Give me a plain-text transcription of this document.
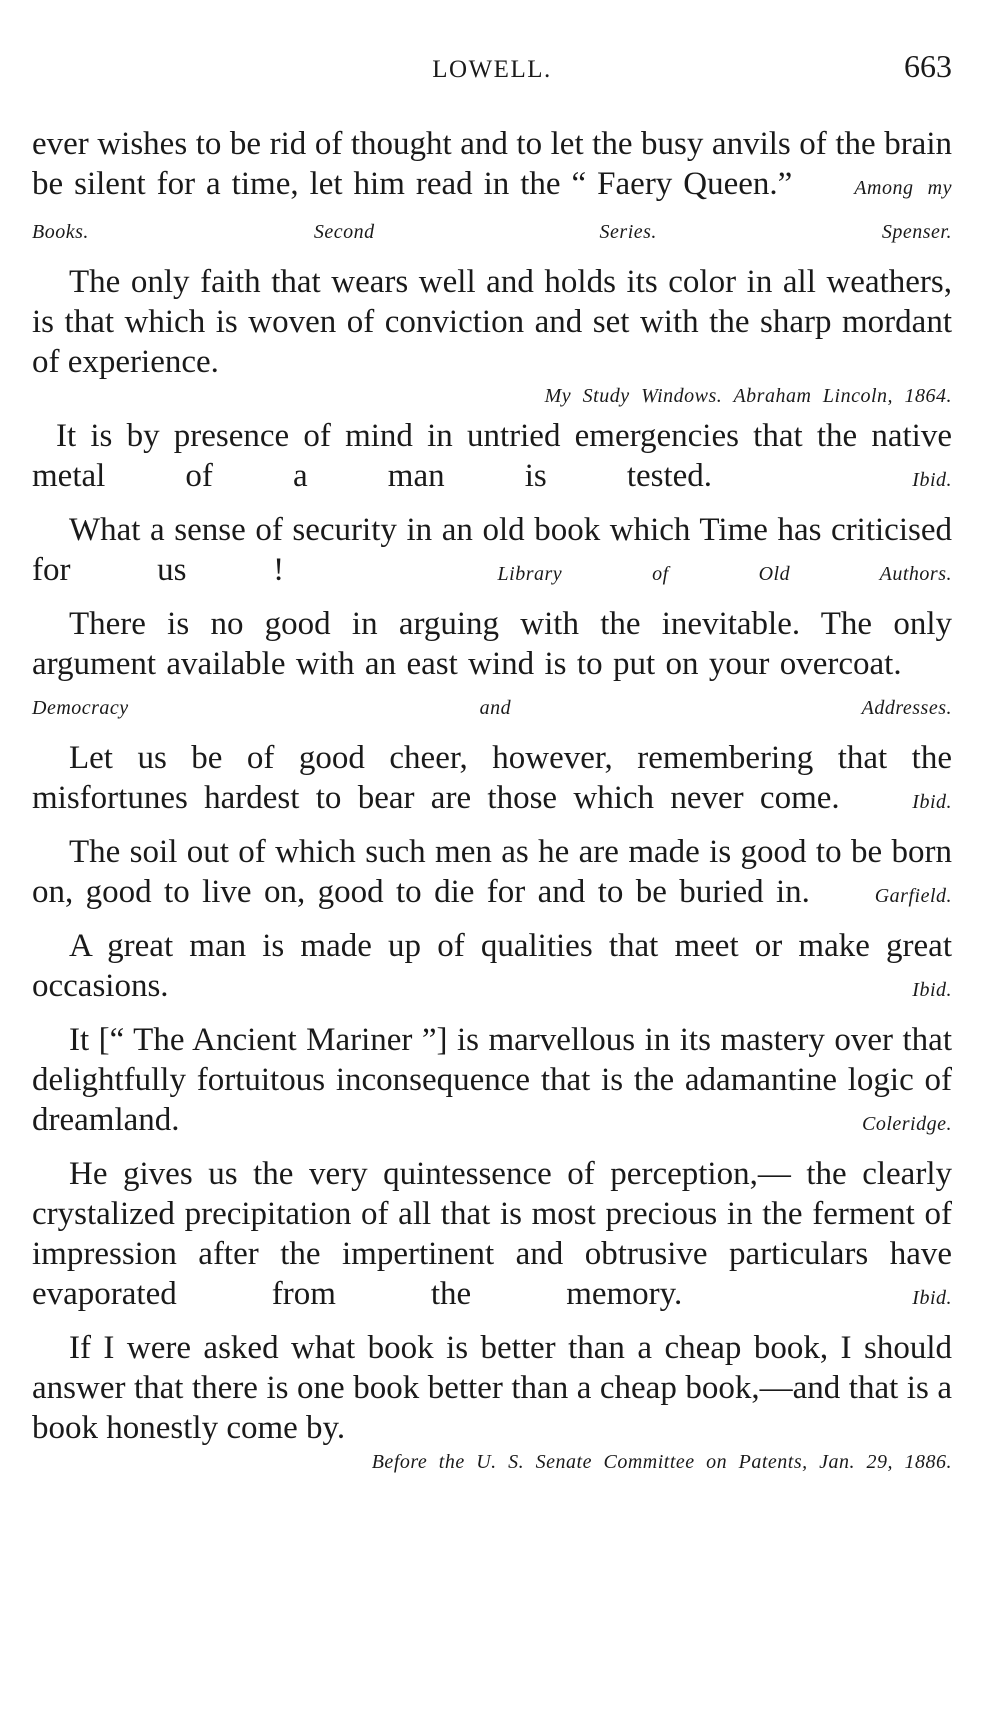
LOWELL.	663

ever wishes to be rid of thought and to let the busy anvils of the brain be silent for a time, let him read in the “ Faery Queen.”	Among my Books. Second Series. Spenser.

The only faith that wears well and holds its color in all weathers, is that which is woven of conviction and set with the sharp mordant of experience.

My Study Windows. Abraham Lincoln, 1864.

It is by presence of mind in untried emergencies that the native metal of a man is tested.	Ibid.

What a sense of security in an old book which Time has criticised for us !	Library of Old Authors.

There is no good in arguing with the inevitable. The only argument available with an east wind is to put on your overcoat.  Democracy and Addresses.

Let us be of good cheer, however, remembering that the misfortunes hardest to bear are those which never come.	Ibid.

The soil out of which such men as he are made is good to be born on, good to live on, good to die for and to be buried in.	Garfield.

A great man is made up of qualities that meet or make great occasions.	Ibid.

It [“ The Ancient Mariner ”] is marvellous in its mastery over that delightfully fortuitous inconsequence that is the adamantine logic of dreamland.	Coleridge.

He gives us the very quintessence of perception,— the clearly crystalized precipitation of all that is most precious in the ferment of impression after the impertinent and obtrusive particulars have evaporated from the memory.	Ibid.

If I were asked what book is better than a cheap book, I should answer that there is one book better than a cheap book,—and that is a book honestly come by.

Before the U. S. Senate Committee on Patents, Jan. 29, 1886.
